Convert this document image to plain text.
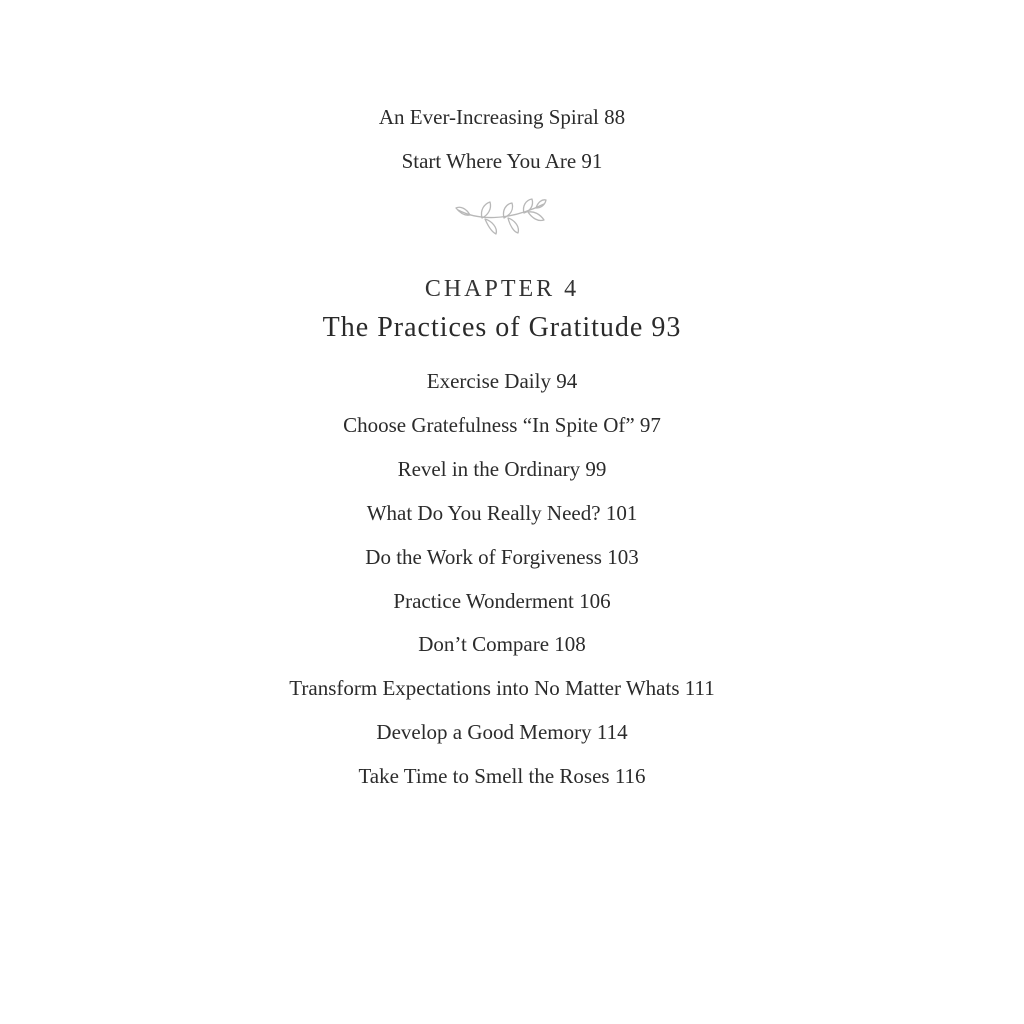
An Ever-Increasing Spiral 88
Start Where You Are 91
CHAPTER 4
The Practices of Gratitude 93
Exercise Daily 94
Choose Gratefulness “In Spite Of” 97
Revel in the Ordinary 99
What Do You Really Need? 101
Do the Work of Forgiveness 103
Practice Wonderment 106
Don’t Compare 108
Transform Expectations into No Matter Whats 111
Develop a Good Memory 114
Take Time to Smell the Roses 116
